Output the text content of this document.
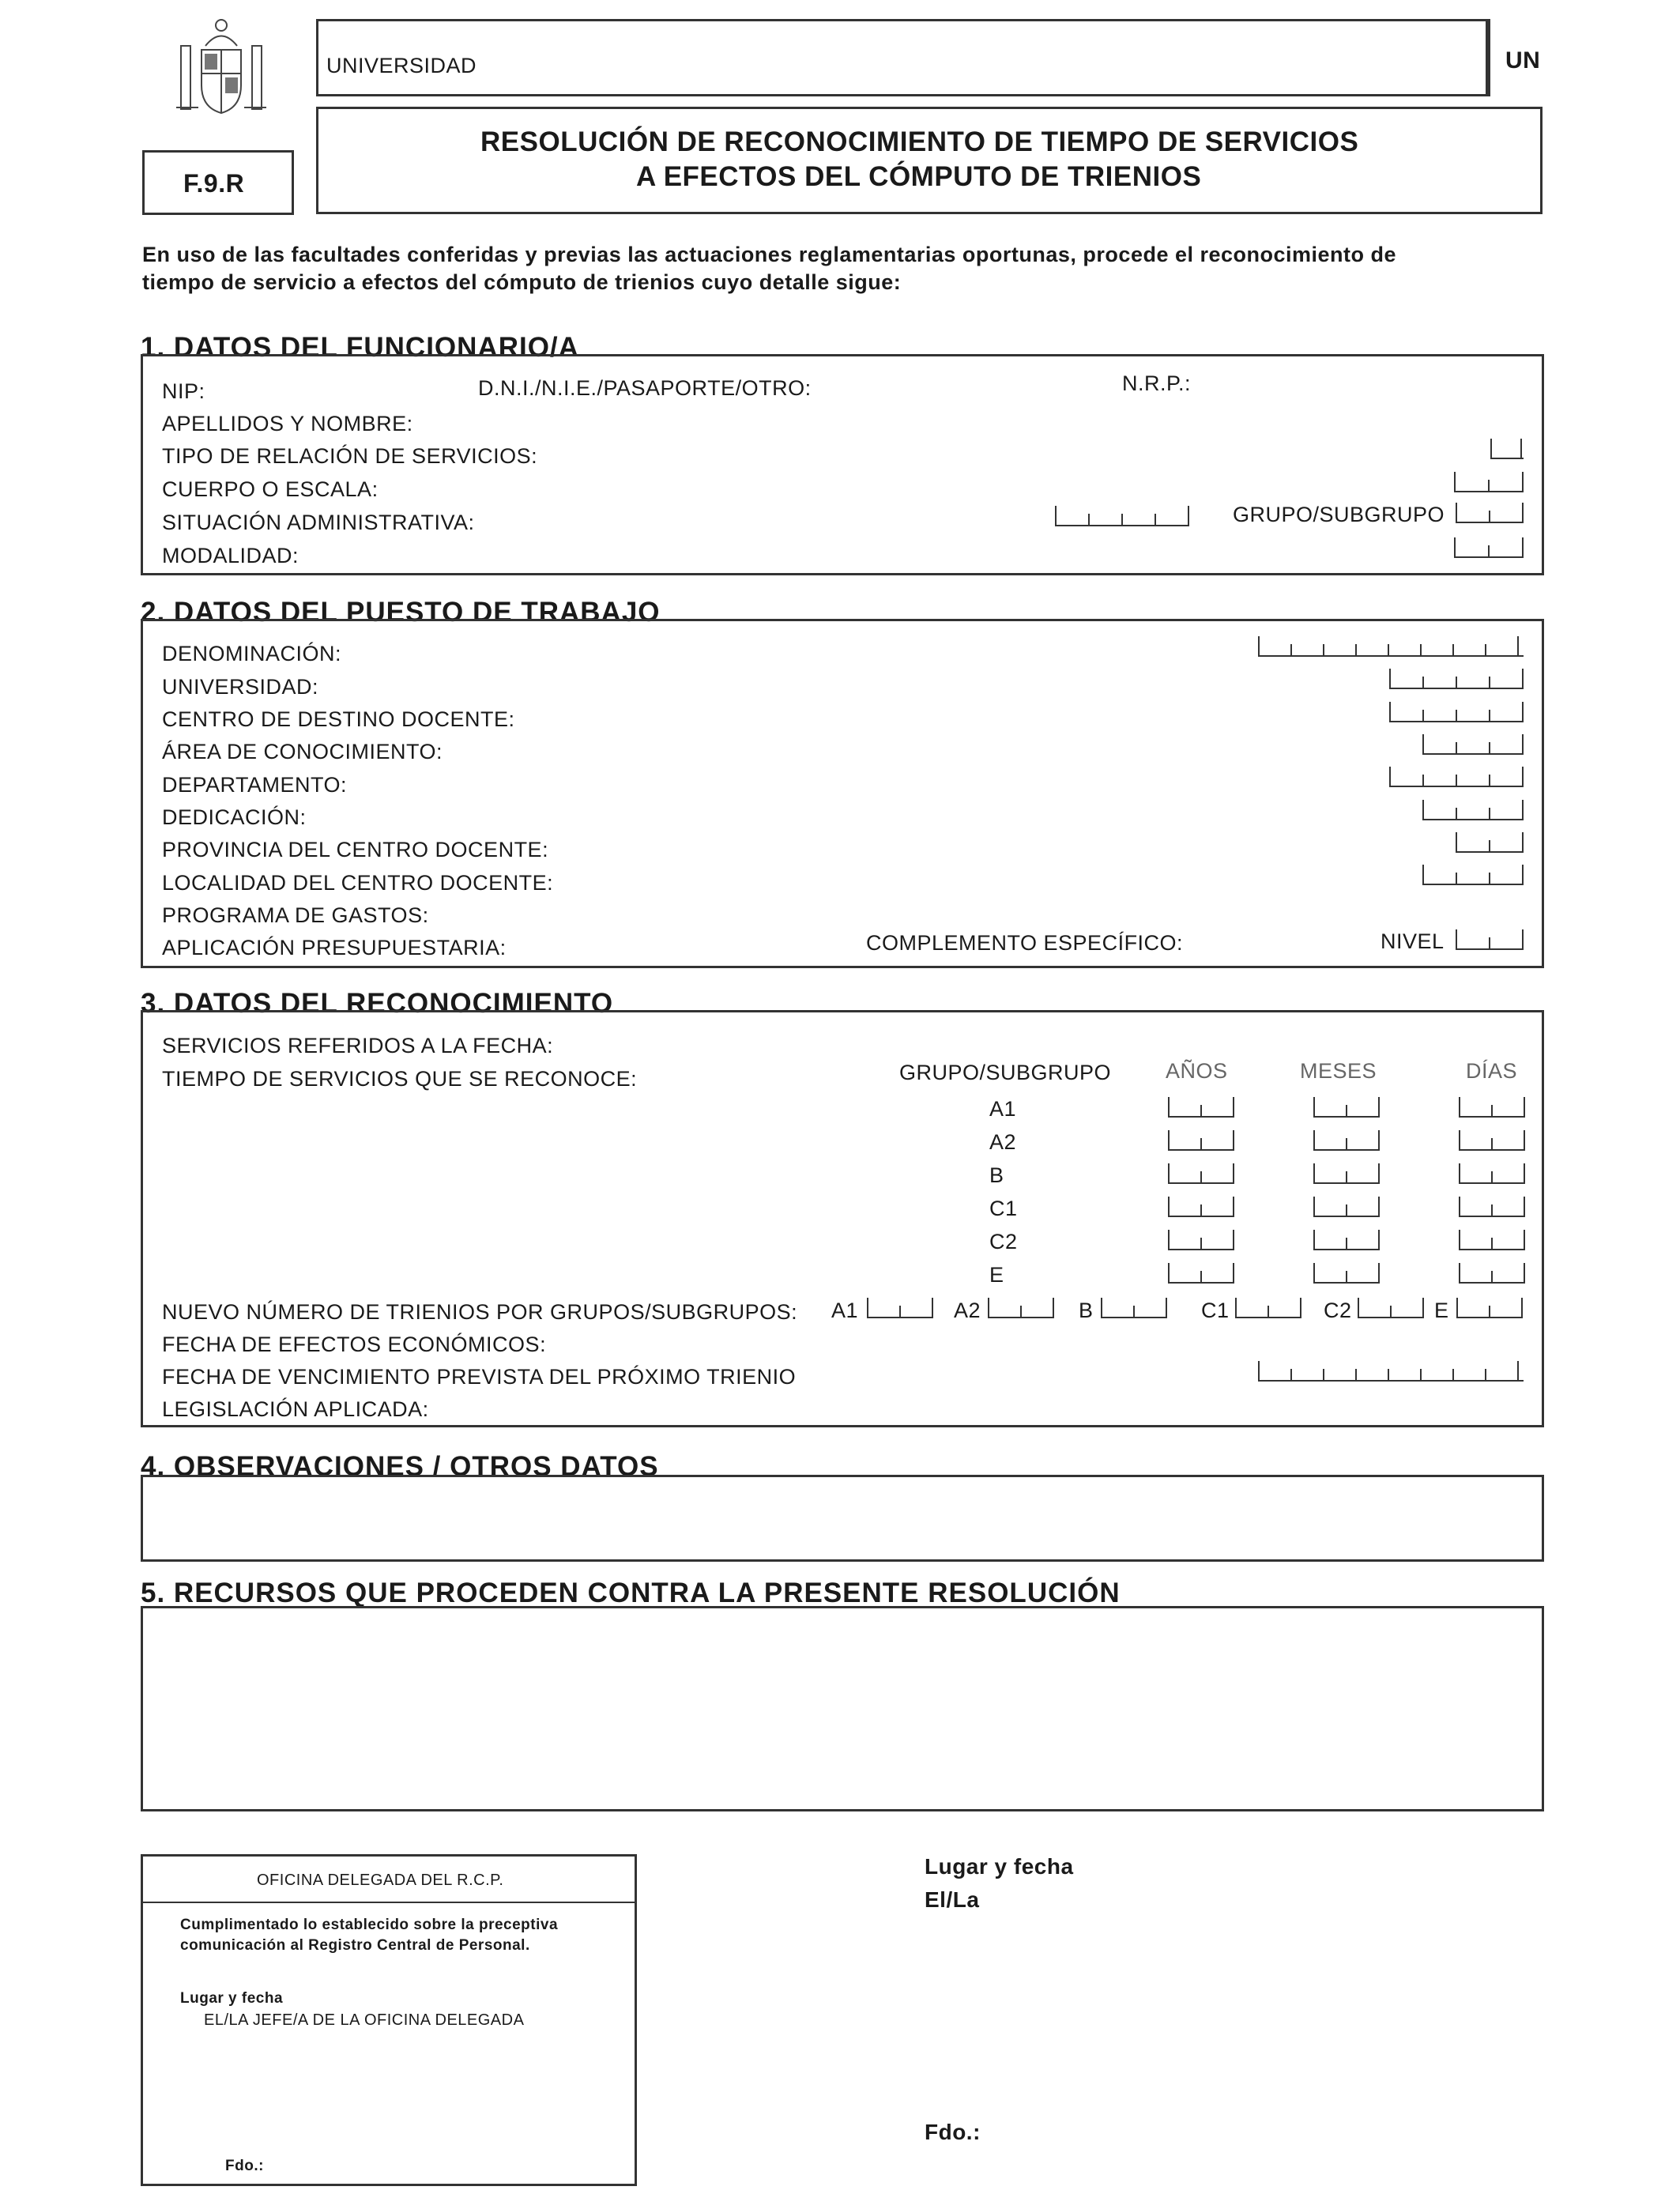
UNIVERSIDAD	UN
F.9.R
RESOLUCIÓN DE RECONOCIMIENTO DE TIEMPO DE SERVICIOS
A EFECTOS DEL CÓMPUTO DE TRIENIOS
En uso de las facultades conferidas y previas las actuaciones reglamentarias oportunas, procede el reconocimiento de
tiempo de servicio a efectos del cómputo de trienios cuyo detalle sigue:
1. DATOS DEL FUNCIONARIO/A
NIP:	D.N.I./N.I.E./PASAPORTE/OTRO:	N.R.P.:
APELLIDOS Y NOMBRE:
TIPO DE RELACIÓN DE SERVICIOS:
CUERPO O ESCALA:
SITUACIÓN ADMINISTRATIVA:	GRUPO/SUBGRUPO
MODALIDAD:
2. DATOS DEL PUESTO DE TRABAJO
DENOMINACIÓN:
UNIVERSIDAD:
CENTRO DE DESTINO DOCENTE:
ÁREA DE CONOCIMIENTO:
DEPARTAMENTO:
DEDICACIÓN:
PROVINCIA DEL CENTRO DOCENTE:
LOCALIDAD DEL CENTRO DOCENTE:
PROGRAMA DE GASTOS:
APLICACIÓN PRESUPUESTARIA:	COMPLEMENTO ESPECÍFICO:	NIVEL
3. DATOS DEL RECONOCIMIENTO
SERVICIOS REFERIDOS A LA FECHA:
TIEMPO DE SERVICIOS QUE SE RECONOCE:	GRUPO/SUBGRUPO	AÑOS	MESES	DÍAS
A1
A2
B
C1
C2
E
NUEVO NÚMERO DE TRIENIOS POR GRUPOS/SUBGRUPOS: A1	A2	B	C1	C2	E
FECHA DE EFECTOS ECONÓMICOS:
FECHA DE VENCIMIENTO PREVISTA DEL PRÓXIMO TRIENIO
LEGISLACIÓN APLICADA:
4. OBSERVACIONES / OTROS DATOS
5. RECURSOS QUE PROCEDEN CONTRA LA PRESENTE RESOLUCIÓN
OFICINA DELEGADA DEL R.C.P.
Cumplimentado lo establecido sobre la preceptiva
comunicación al Registro Central de Personal.
Lugar y fecha
EL/LA JEFE/A DE LA OFICINA DELEGADA
Fdo.:
Lugar y fecha
El/La
Fdo.:
